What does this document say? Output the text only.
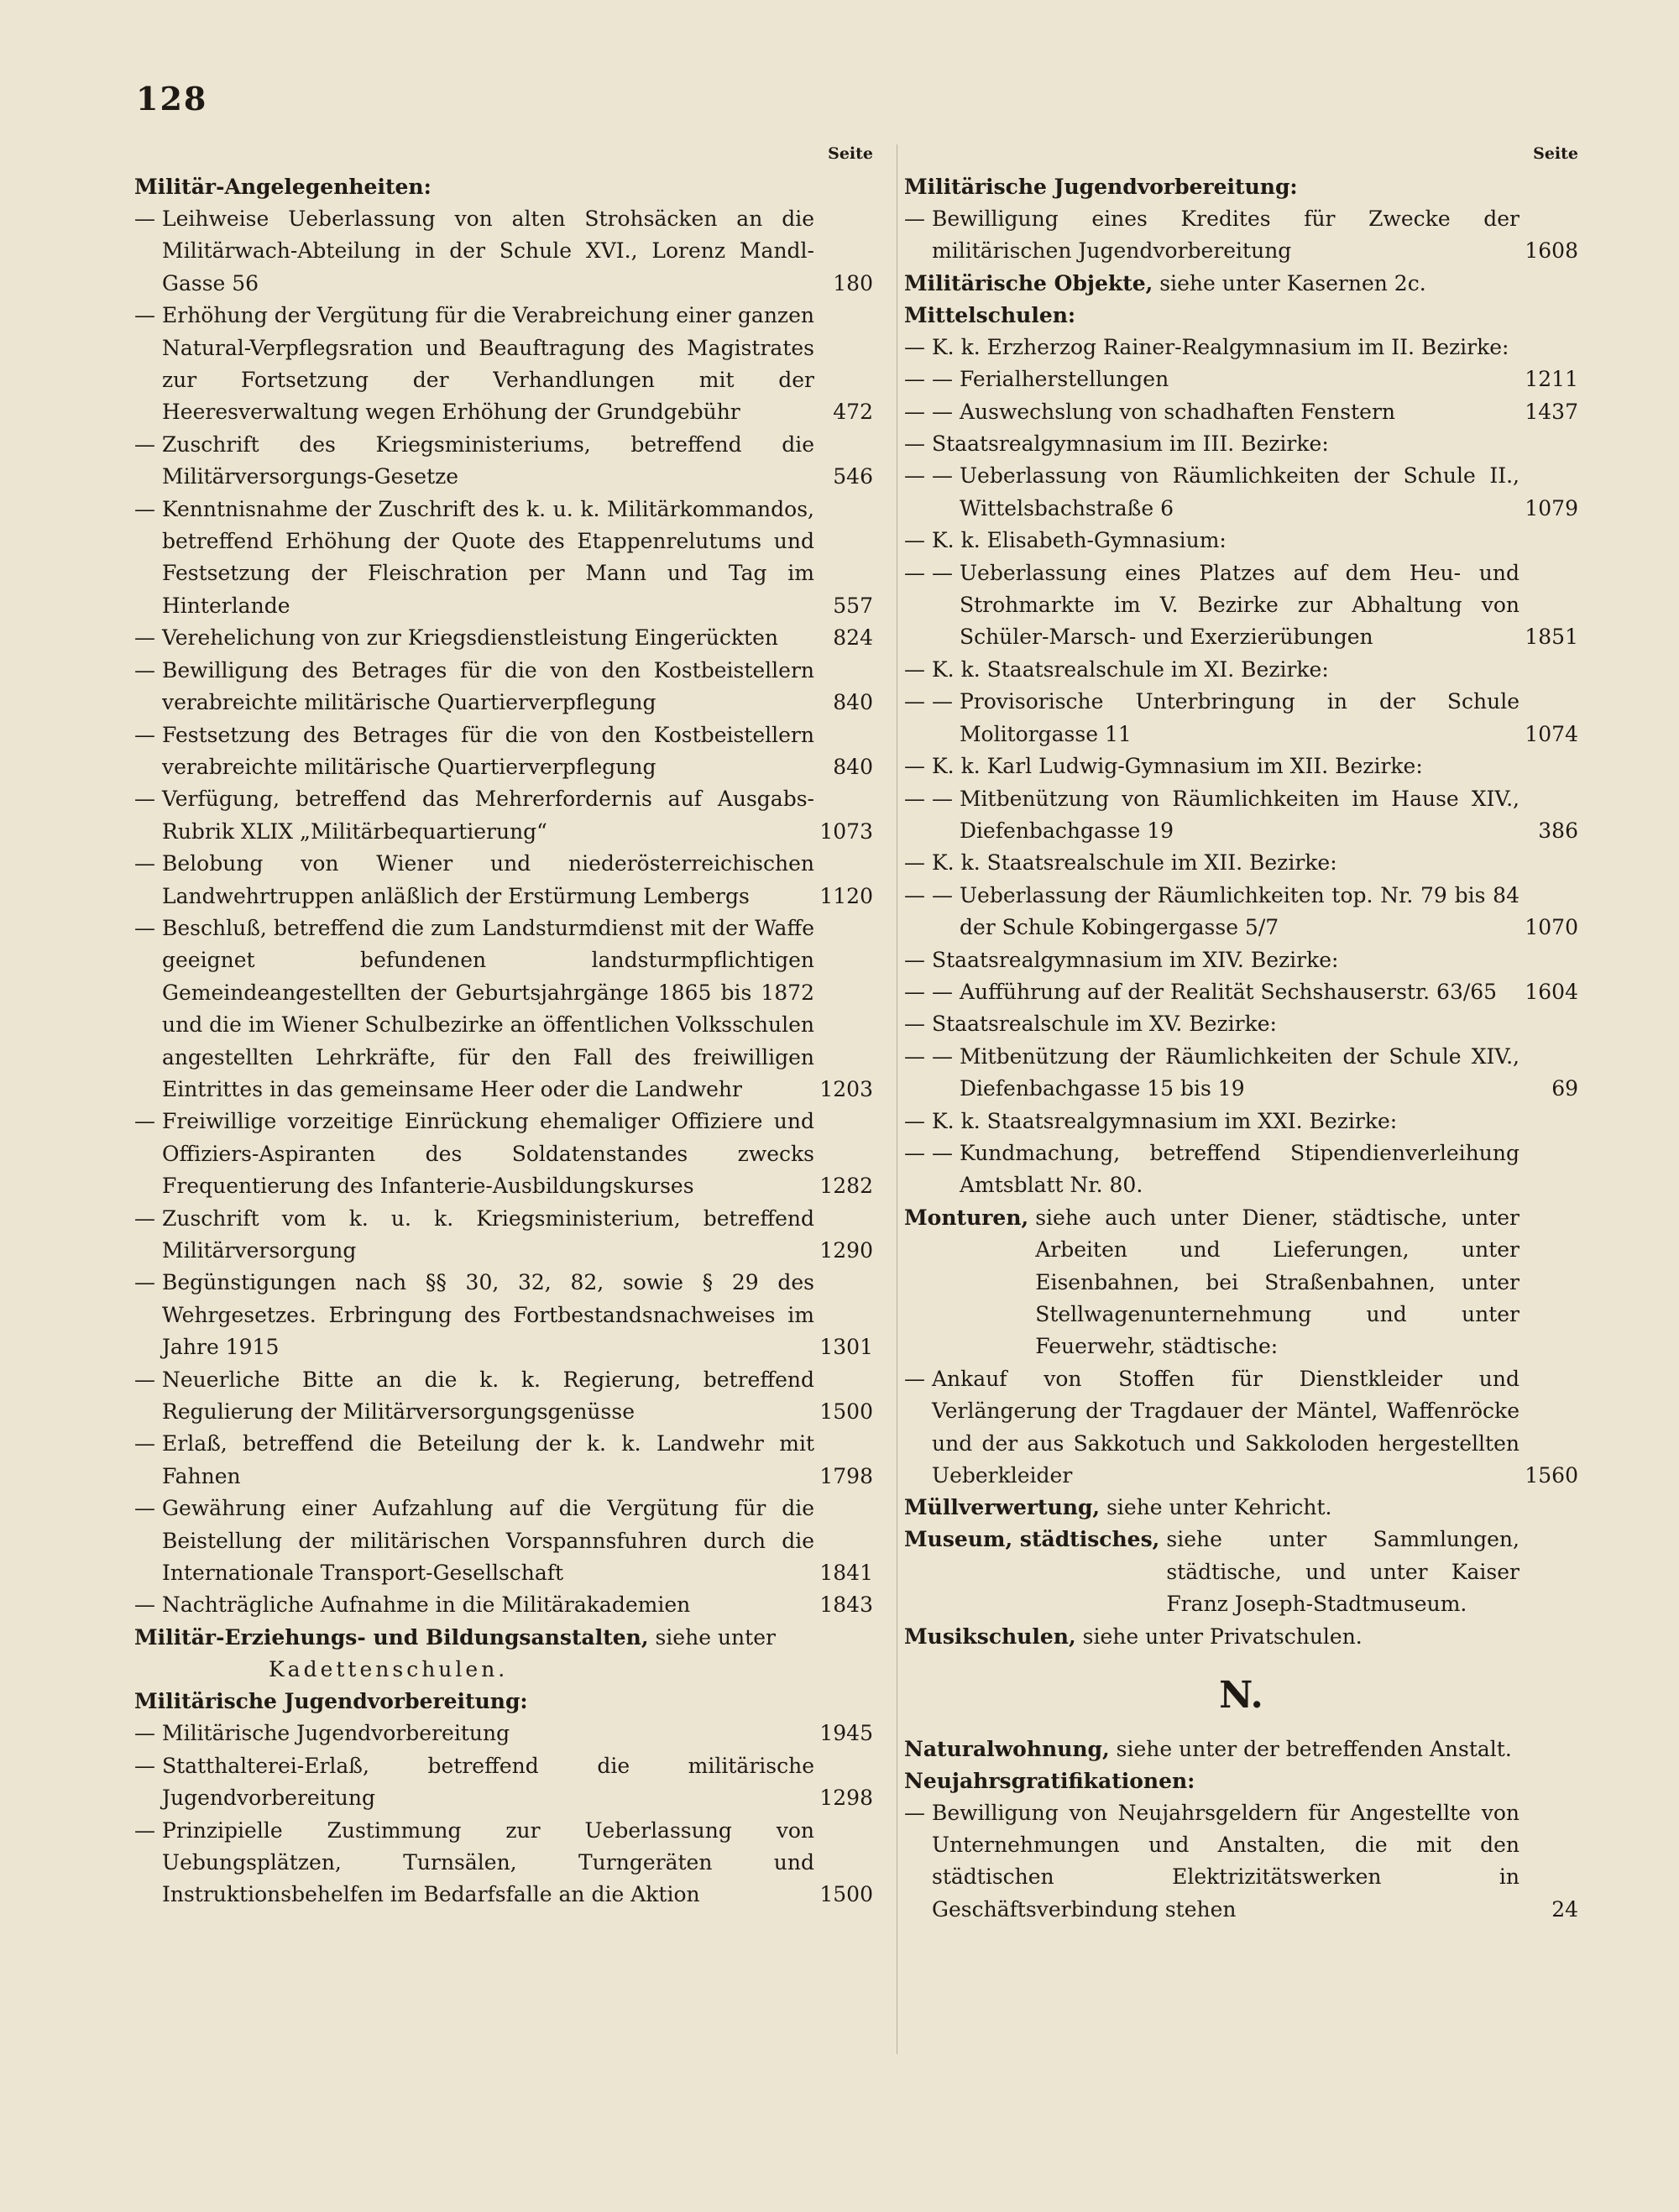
128
Seite
Militär-Angelegenheiten:
— Leihweise Ueberlassung von alten Strohsäcken an die Militärwach-Abteilung in der Schule XVI., Lorenz Mandl-Gasse 56	180
— Erhöhung der Vergütung für die Verabreichung einer ganzen Natural-Verpflegsration und Beauftragung des Magistrates zur Fortsetzung der Verhandlungen mit der Heeresverwaltung wegen Erhöhung der Grundgebühr	472
— Zuschrift des Kriegsministeriums, betreffend die Militärversorgungs-Gesetze	546
— Kenntnisnahme der Zuschrift des k. u. k. Militärkommandos, betreffend Erhöhung der Quote des Etappenrelutums und Festsetzung der Fleischration per Mann und Tag im Hinterlande	557
— Verehelichung von zur Kriegsdienstleistung Eingerückten	824
— Bewilligung des Betrages für die von den Kostbeistellern verabreichte militärische Quartierverpflegung	840
— Festsetzung des Betrages für die von den Kostbeistellern verabreichte militärische Quartierverpflegung	840
— Verfügung, betreffend das Mehrerfordernis auf Ausgabs-Rubrik XLIX „Militärbequartierung“	1073
— Belobung von Wiener und niederösterreichischen Landwehrtruppen anläßlich der Erstürmung Lembergs	1120
— Beschluß, betreffend die zum Landsturmdienst mit der Waffe geeignet befundenen landsturmpflichtigen Gemeindeangestellten der Geburtsjahrgänge 1865 bis 1872 und die im Wiener Schulbezirke an öffentlichen Volksschulen angestellten Lehrkräfte, für den Fall des freiwilligen Eintrittes in das gemeinsame Heer oder die Landwehr	1203
— Freiwillige vorzeitige Einrückung ehemaliger Offiziere und Offiziers-Aspiranten des Soldatenstandes zwecks Frequentierung des Infanterie-Ausbildungskurses	1282
— Zuschrift vom k. u. k. Kriegsministerium, betreffend Militärversorgung	1290
— Begünstigungen nach §§ 30, 32, 82, sowie § 29 des Wehrgesetzes. Erbringung des Fortbestandsnachweises im Jahre 1915	1301
— Neuerliche Bitte an die k. k. Regierung, betreffend Regulierung der Militärversorgungsgenüsse	1500
— Erlaß, betreffend die Beteilung der k. k. Landwehr mit Fahnen	1798
— Gewährung einer Aufzahlung auf die Vergütung für die Beistellung der militärischen Vorspannsfuhren durch die Internationale Transport-Gesellschaft	1841
— Nachträgliche Aufnahme in die Militärakademien	1843
Militär-Erziehungs- und Bildungsanstalten, siehe unter
Kadettenschulen.
Militärische Jugendvorbereitung:
— Militärische Jugendvorbereitung	1945
— Statthalterei-Erlaß, betreffend die militärische Jugendvorbereitung	1298
— Prinzipielle Zustimmung zur Ueberlassung von Uebungsplätzen, Turnsälen, Turngeräten und Instruktionsbehelfen im Bedarfsfalle an die Aktion	1500
Seite
Militärische Jugendvorbereitung:
— Bewilligung eines Kredites für Zwecke der militärischen Jugendvorbereitung	1608
Militärische Objekte, siehe unter Kasernen 2c.
Mittelschulen:
— K. k. Erzherzog Rainer-Realgymnasium im II. Bezirke:
— — Ferialherstellungen	1211
— — Auswechslung von schadhaften Fenstern	1437
— Staatsrealgymnasium im III. Bezirke:
— — Ueberlassung von Räumlichkeiten der Schule II., Wittelsbachstraße 6	1079
— K. k. Elisabeth-Gymnasium:
— — Ueberlassung eines Platzes auf dem Heu- und Strohmarkte im V. Bezirke zur Abhaltung von Schüler-Marsch- und Exerzierübungen	1851
— K. k. Staatsrealschule im XI. Bezirke:
— — Provisorische Unterbringung in der Schule Molitorgasse 11	1074
— K. k. Karl Ludwig-Gymnasium im XII. Bezirke:
— — Mitbenützung von Räumlichkeiten im Hause XIV., Diefenbachgasse 19	386
— K. k. Staatsrealschule im XII. Bezirke:
— — Ueberlassung der Räumlichkeiten top. Nr. 79 bis 84 der Schule Kobingergasse 5/7	1070
— Staatsrealgymnasium im XIV. Bezirke:
— — Aufführung auf der Realität Sechshauserstr. 63/65	1604
— Staatsrealschule im XV. Bezirke:
— — Mitbenützung der Räumlichkeiten der Schule XIV., Diefenbachgasse 15 bis 19	69
— K. k. Staatsrealgymnasium im XXI. Bezirke:
— — Kundmachung, betreffend Stipendienverleihung Amtsblatt Nr. 80.
Monturen, siehe auch unter Diener, städtische, unter Arbeiten und Lieferungen, unter Eisenbahnen, bei Straßenbahnen, unter Stellwagenunternehmung und unter Feuerwehr, städtische:
— Ankauf von Stoffen für Dienstkleider und Verlängerung der Tragdauer der Mäntel, Waffenröcke und der aus Sakkotuch und Sakkoloden hergestellten Ueberkleider	1560
Müllverwertung, siehe unter Kehricht.
Museum, städtisches, siehe unter Sammlungen, städtische, und unter Kaiser Franz Joseph-Stadtmuseum.
Musikschulen, siehe unter Privatschulen.
N.
Naturalwohnung, siehe unter der betreffenden Anstalt.
Neujahrsgratifikationen:
— Bewilligung von Neujahrsgeldern für Angestellte von Unternehmungen und Anstalten, die mit den städtischen Elektrizitätswerken in Geschäftsverbindung stehen	24
